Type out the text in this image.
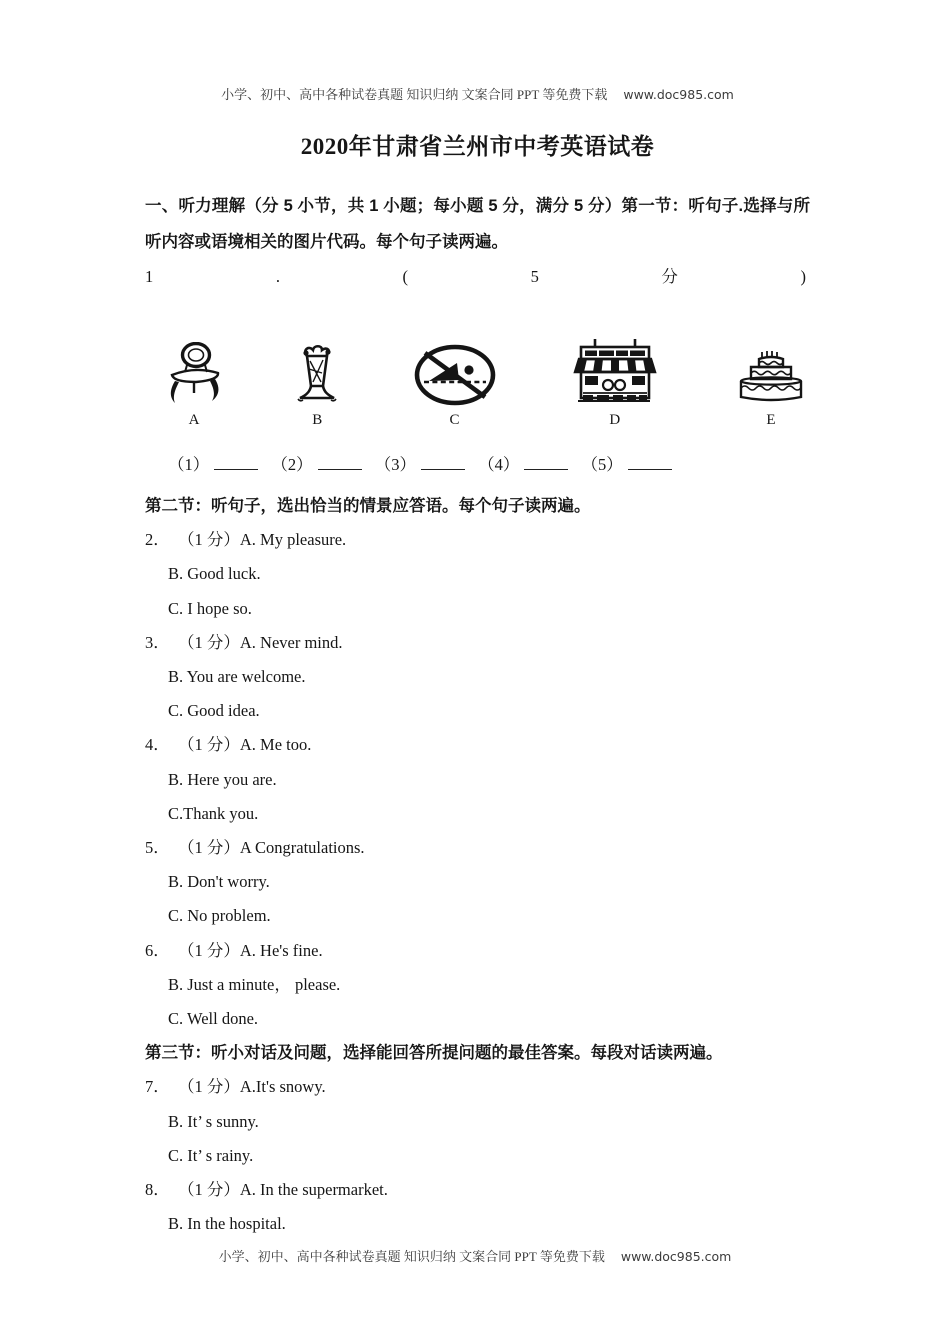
小学、初中、高中各种试卷真题 知识归纳 文案合同 PPT 等免费下载 www.doc985.com
2020年甘肃省兰州市中考英语试卷
一、听力理解（分 5 小节，共 1 小题；每小题 5 分，满分 5 分）第一节：听句子.选择与所
听内容或语境相关的图片代码。每个句子读两遍。
1	.	(	5	分	)
A	B	C	D	E
（1）	（2）	（3）	（4）	（5）
第二节：听句子，选出恰当的情景应答语。每个句子读两遍。
2． （1 分）A. My pleasure.
B. Good luck.
C. I hope so.
3． （1 分）A. Never mind.
B. You are welcome.
C. Good idea.
4． （1 分）A. Me too.
B. Here you are.
C.Thank you.
5． （1 分）A Congratulations.
B. Don't worry.
C. No problem.
6． （1 分）A. He's fine.
B. Just a minute， please.
C. Well done.
第三节：听小对话及问题，选择能回答所提问题的最佳答案。每段对话读两遍。
7． （1 分）A.It's snowy.
B. It’ s sunny.
C. It’ s rainy.
8． （1 分）A. In the supermarket.
B. In the hospital.
小学、初中、高中各种试卷真题 知识归纳 文案合同 PPT 等免费下载 www.doc985.com
